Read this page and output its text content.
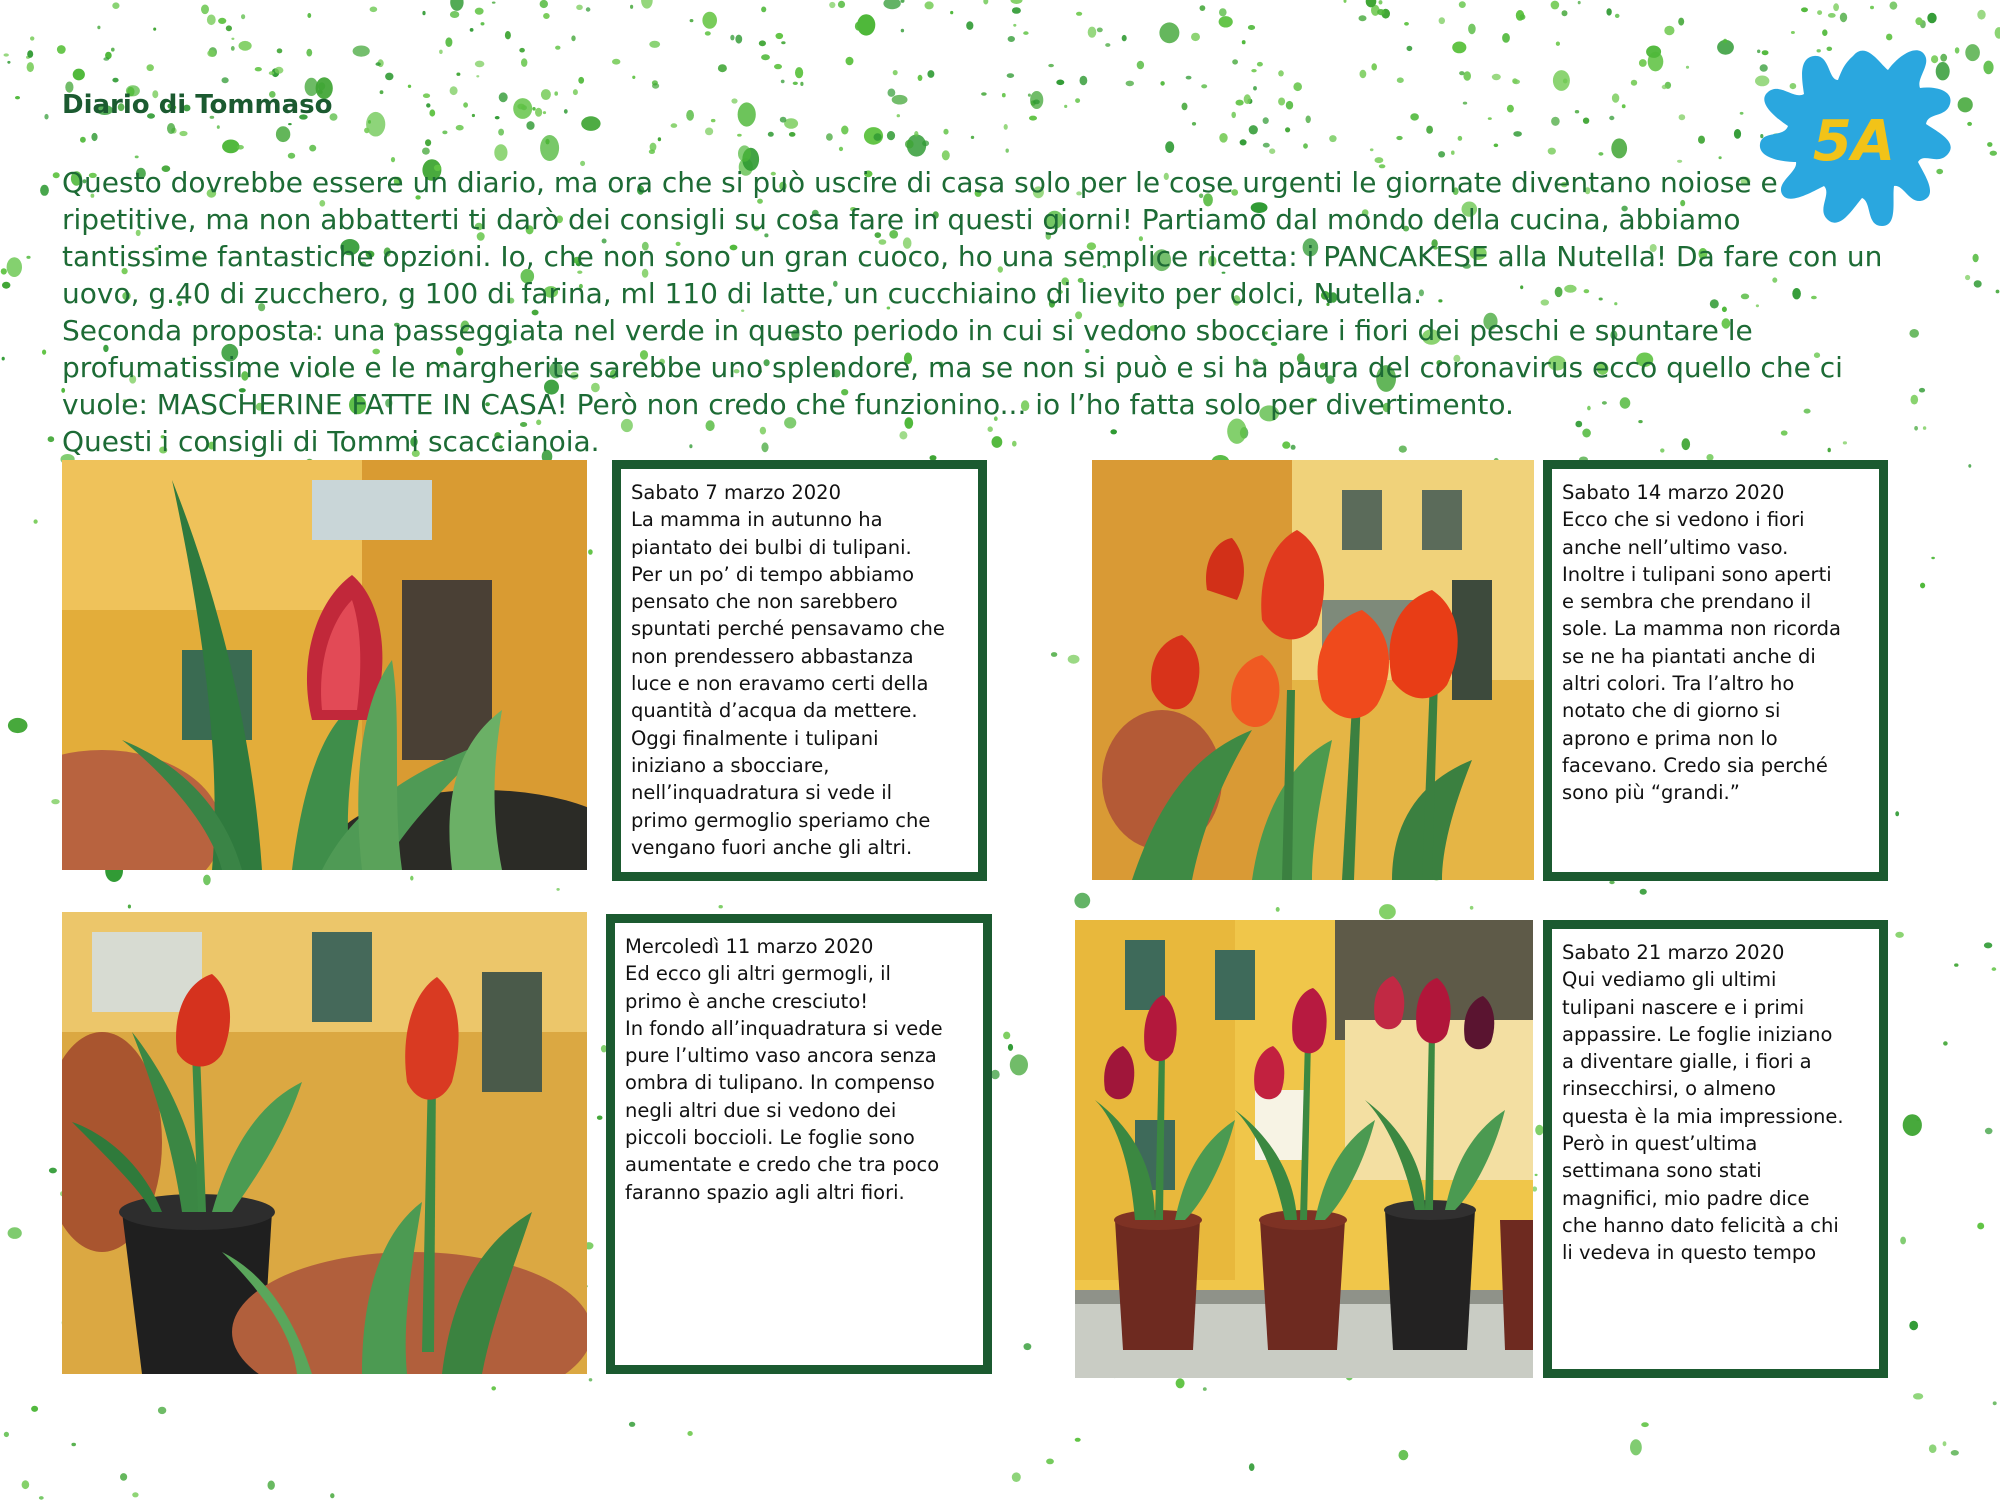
Diario di Tommaso

Questo dovrebbe essere un diario, ma ora che si può uscire di casa solo per le cose urgenti le giornate diventano noiose e

ripetitive, ma non abbatterti ti darò dei consigli su cosa fare in questi giorni! Partiamo dal mondo della cucina, abbiamo

tantissime fantastiche opzioni. Io, che non sono un gran cuoco, ho una semplice ricetta: i PANCAKESE alla Nutella! Da fare con un

uovo, g.40 di zucchero, g 100 di farina, ml 110 di latte, un cucchiaino di lievito per dolci, Nutella.

Seconda proposta: una passeggiata nel verde in questo periodo in cui si vedono sbocciare i fiori dei peschi e spuntare le

profumatissime viole e le margherite sarebbe uno splendore, ma se non si può e si ha paura del coronavirus ecco quello che ci

vuole: MASCHERINE FATTE IN CASA! Però non credo che funzionino... io l’ho fatta solo per divertimento.

Questi i consigli di Tommi scaccianoia.

5A
Sabato 7 marzo 2020
La mamma in autunno ha
piantato dei bulbi di tulipani.
Per un po’ di tempo abbiamo
pensato che non sarebbero
spuntati perché pensavamo che
non prendessero abbastanza
luce e non eravamo certi della
quantità d’acqua da mettere.
Oggi finalmente i tulipani
iniziano a sbocciare,
nell’inquadratura si vede il
primo germoglio speriamo che
vengano fuori anche gli altri.
Sabato 14 marzo 2020
Ecco che si vedono i fiori
anche nell’ultimo vaso.
Inoltre i tulipani sono aperti
e sembra che prendano il
sole. La mamma non ricorda
se ne ha piantati anche di
altri colori. Tra l’altro ho
notato che di giorno si
aprono e prima non lo
facevano. Credo sia perché
sono più “grandi.”
Mercoledì 11 marzo 2020
Ed ecco gli altri germogli, il
primo è anche cresciuto!
In fondo all’inquadratura si vede
pure l’ultimo vaso ancora senza
ombra di tulipano. In compenso
negli altri due si vedono dei
piccoli boccioli. Le foglie sono
aumentate e credo che tra poco
faranno spazio agli altri fiori.
Sabato 21 marzo 2020
Qui vediamo gli ultimi
tulipani nascere e i primi
appassire. Le foglie iniziano
a diventare gialle, i fiori a
rinsecchirsi, o almeno
questa è la mia impressione.
Però in quest’ultima
settimana sono stati
magnifici, mio padre dice
che hanno dato felicità a chi
li vedeva in questo tempo
